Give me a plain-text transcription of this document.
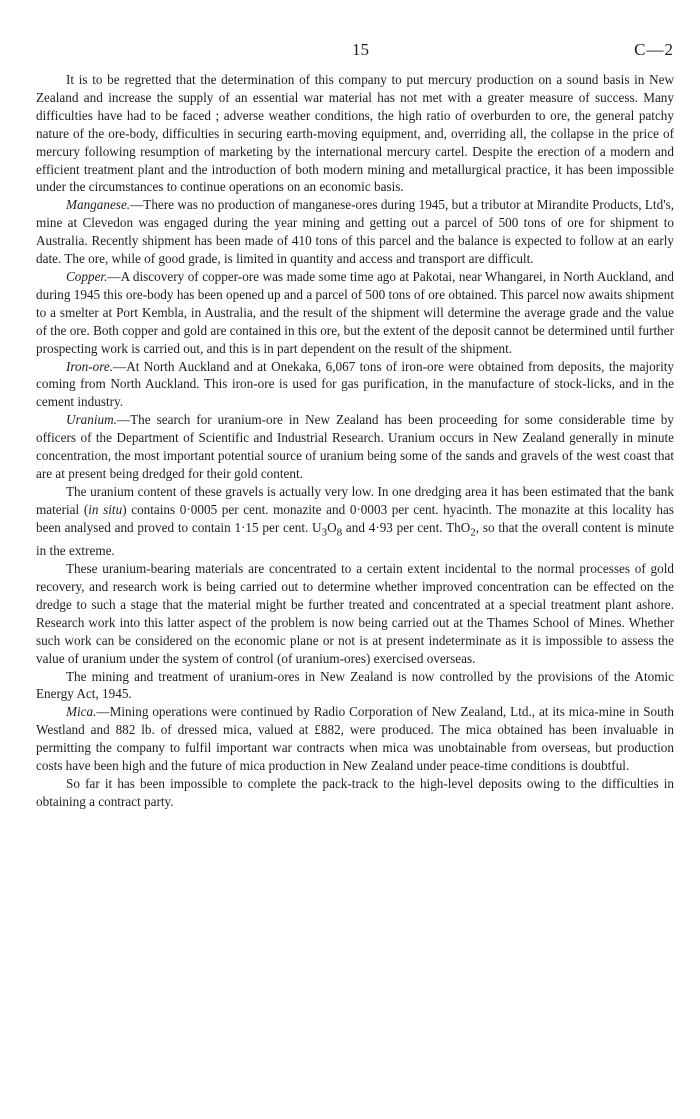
15	C—2

It is to be regretted that the determination of this company to put mercury production on a sound basis in New Zealand and increase the supply of an essential war material has not met with a greater measure of success. Many difficulties have had to be faced ; adverse weather conditions, the high ratio of overburden to ore, the general patchy nature of the ore-body, difficulties in securing earth-moving equipment, and, overriding all, the collapse in the price of mercury following resumption of marketing by the international mercury cartel. Despite the erection of a modern and efficient treatment plant and the introduction of both modern mining and metallurgical practice, it has been impossible under the circumstances to continue operations on an economic basis.

Manganese.—There was no production of manganese-ores during 1945, but a tributor at Mirandite Products, Ltd's, mine at Clevedon was engaged during the year mining and getting out a parcel of 500 tons of ore for shipment to Australia. Recently shipment has been made of 410 tons of this parcel and the balance is expected to follow at an early date. The ore, while of good grade, is limited in quantity and access and transport are difficult.

Copper.—A discovery of copper-ore was made some time ago at Pakotai, near Whangarei, in North Auckland, and during 1945 this ore-body has been opened up and a parcel of 500 tons of ore obtained. This parcel now awaits shipment to a smelter at Port Kembla, in Australia, and the result of the shipment will determine the average grade and the value of the ore. Both copper and gold are contained in this ore, but the extent of the deposit cannot be determined until further prospecting work is carried out, and this is in part dependent on the result of the shipment.

Iron-ore.—At North Auckland and at Onekaka, 6,067 tons of iron-ore were obtained from deposits, the majority coming from North Auckland. This iron-ore is used for gas purification, in the manufacture of stock-licks, and in the cement industry.

Uranium.—The search for uranium-ore in New Zealand has been proceeding for some considerable time by officers of the Department of Scientific and Industrial Research. Uranium occurs in New Zealand generally in minute concentration, the most important potential source of uranium being some of the sands and gravels of the west coast that are at present being dredged for their gold content.

The uranium content of these gravels is actually very low. In one dredging area it has been estimated that the bank material (in situ) contains 0·0005 per cent. monazite and 0·0003 per cent. hyacinth. The monazite at this locality has been analysed and proved to contain 1·15 per cent. $U_3O_8$ and 4·93 per cent. ThO$_2$, so that the overall content is minute in the extreme.

These uranium-bearing materials are concentrated to a certain extent incidental to the normal processes of gold recovery, and research work is being carried out to determine whether improved concentration can be effected on the dredge to such a stage that the material might be further treated and concentrated at a special treatment plant ashore. Research work into this latter aspect of the problem is now being carried out at the Thames School of Mines. Whether such work can be considered on the economic plane or not is at present indeterminate as it is impossible to assess the value of uranium under the system of control (of uranium-ores) exercised overseas.

The mining and treatment of uranium-ores in New Zealand is now controlled by the provisions of the Atomic Energy Act, 1945.

Mica.—Mining operations were continued by Radio Corporation of New Zealand, Ltd., at its mica-mine in South Westland and 882 lb. of dressed mica, valued at £882, were produced. The mica obtained has been invaluable in permitting the company to fulfil important war contracts when mica was unobtainable from overseas, but production costs have been high and the future of mica production in New Zealand under peace-time conditions is doubtful.

So far it has been impossible to complete the pack-track to the high-level deposits owing to the difficulties in obtaining a contract party.
